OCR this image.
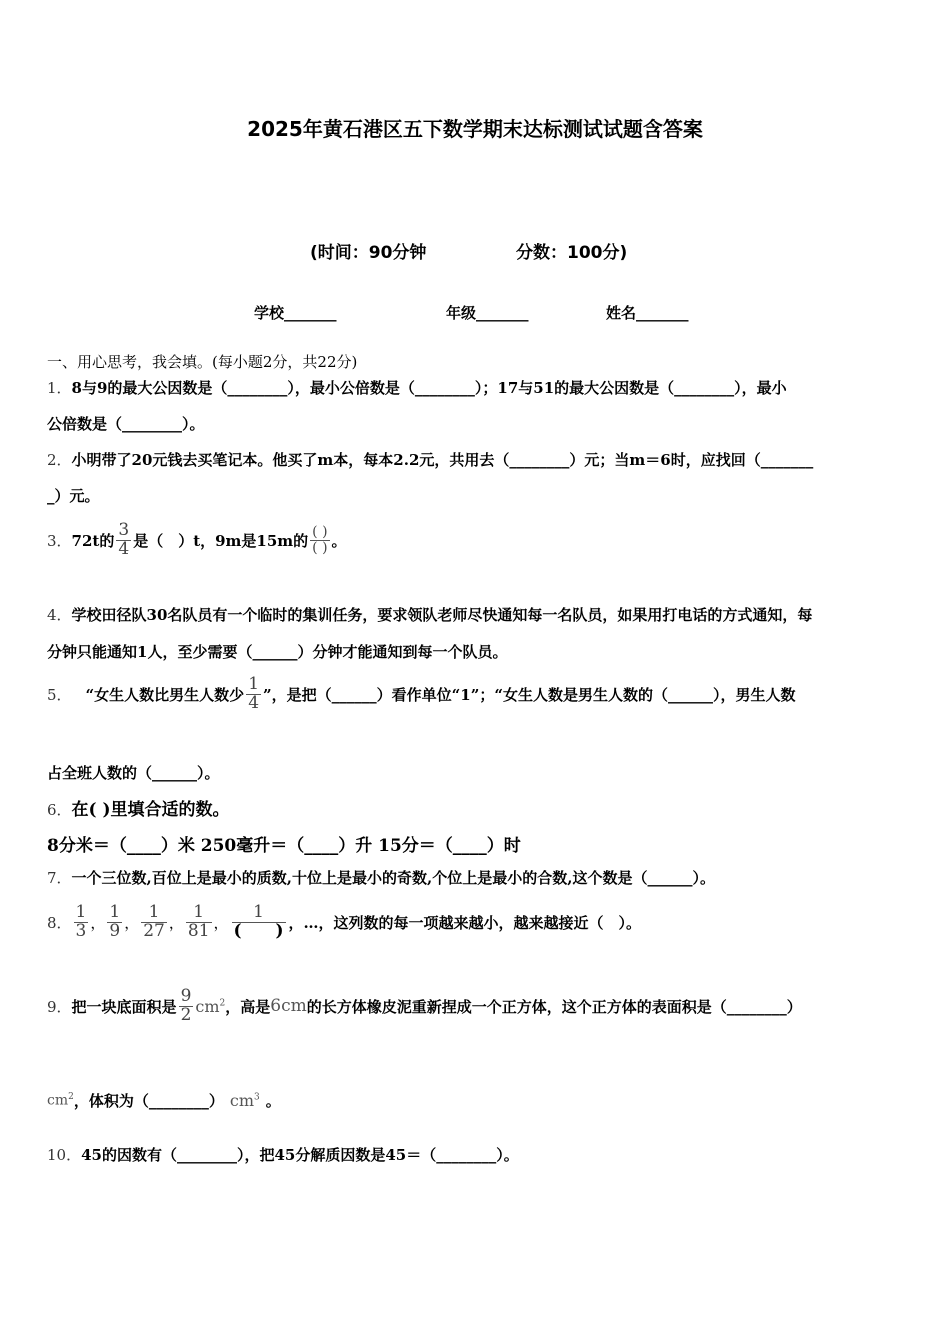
2025年黄石港区五下数学期末达标测试试题含答案
(时间：90分钟	分数：100分)
学校_______	年级_______	姓名_______
一、用心思考，我会填。(每小题2分，共22分)
1．8与9的最大公因数是（________），最小公倍数是（________）；17与51的最大公因数是（________），最小
公倍数是（________）。
2．小明带了20元钱去买笔记本。他买了m本，每本2.2元，共用去（________）元；当m＝6时，应找回（_______
_）元。
3． 72t的 $\frac{3}{4}$ 是（　）t，9m是15m的 $\frac{( )}{( )}$ 。
4．学校田径队30名队员有一个临时的集训任务，要求领队老师尽快通知每一名队员，如果用打电话的方式通知，每
分钟只能通知1人，至少需要（______）分钟才能通知到每一个队员。
5． “女生人数比男生人数少 $\frac{1}{4}$ ”，是把（______）看作单位“1”；“女生人数是男生人数的（______），男生人数
占全班人数的（______）。
6．在( )里填合适的数。
8分米＝（____）米 250毫升＝（____）升 15分＝（____）时
7．一个三位数,百位上是最小的质数,十位上是最小的奇数,个位上是最小的合数,这个数是（______）。
8． $\frac{1}{3}$ ， $\frac{1}{9}$ ， $\frac{1}{27}$ ， $\frac{1}{81}$ ， $\frac{1}{( )}$ ，…，这列数的每一项越来越小，越来越接近（　）。
9． 把一块底面积是 $\frac{9}{2} cm^2$ ，高是 6cm 的长方体橡皮泥重新捏成一个正方体，这个正方体的表面积是（________）
$cm^2$ ，体积为（________） $cm^3$ 。
10．45的因数有（________），把45分解质因数是45＝（________）。
